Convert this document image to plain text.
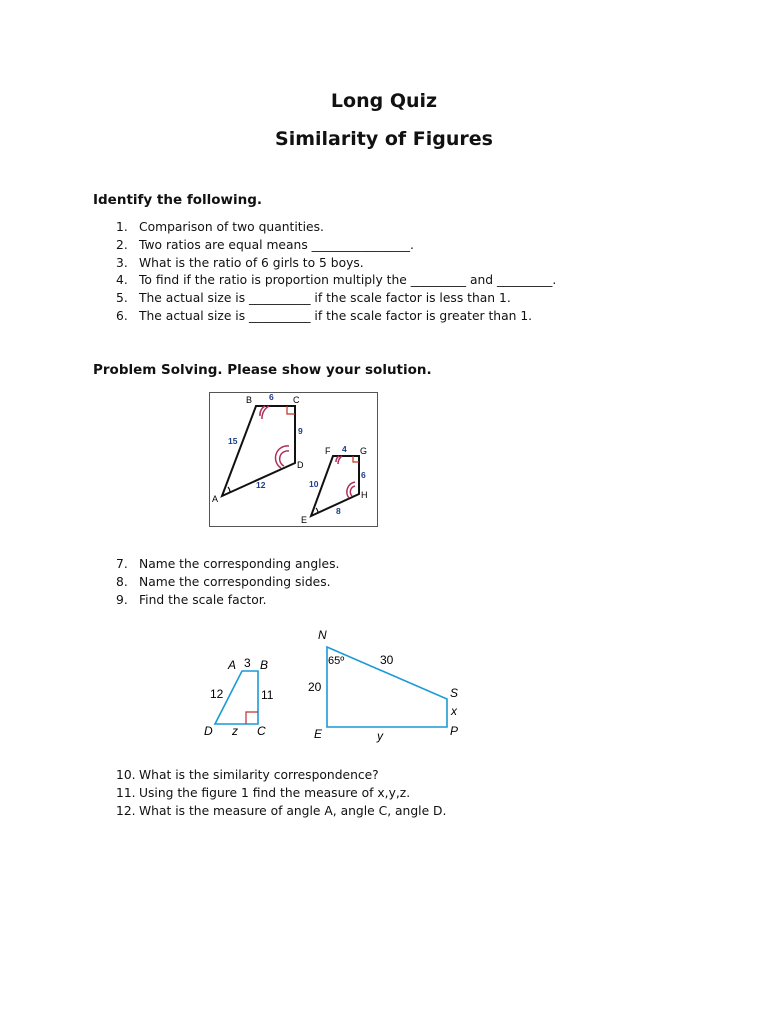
Long Quiz
Similarity of Figures
Identify the following.
1. Comparison of two quantities.
2. Two ratios are equal means ________________.
3. What is the ratio of 6 girls to 5 boys.
4. To find if the ratio is proportion multiply the _________ and _________.
5. The actual size is __________ if the scale factor is less than 1.
6. The actual size is __________ if the scale factor is greater than 1.
Problem Solving. Please show your solution.
B 6 C
9
D
15
12
A
F 4 G
6
H
10
8
E
7. Name the corresponding angles.
8. Name the corresponding sides.
9. Find the scale factor.
A 3 B
12	11
D z C
N
65º	30
20	S
x
E	y	P
10. What is the similarity correspondence?
11. Using the figure 1 find the measure of x,y,z.
12. What is the measure of angle A, angle C, angle D.
